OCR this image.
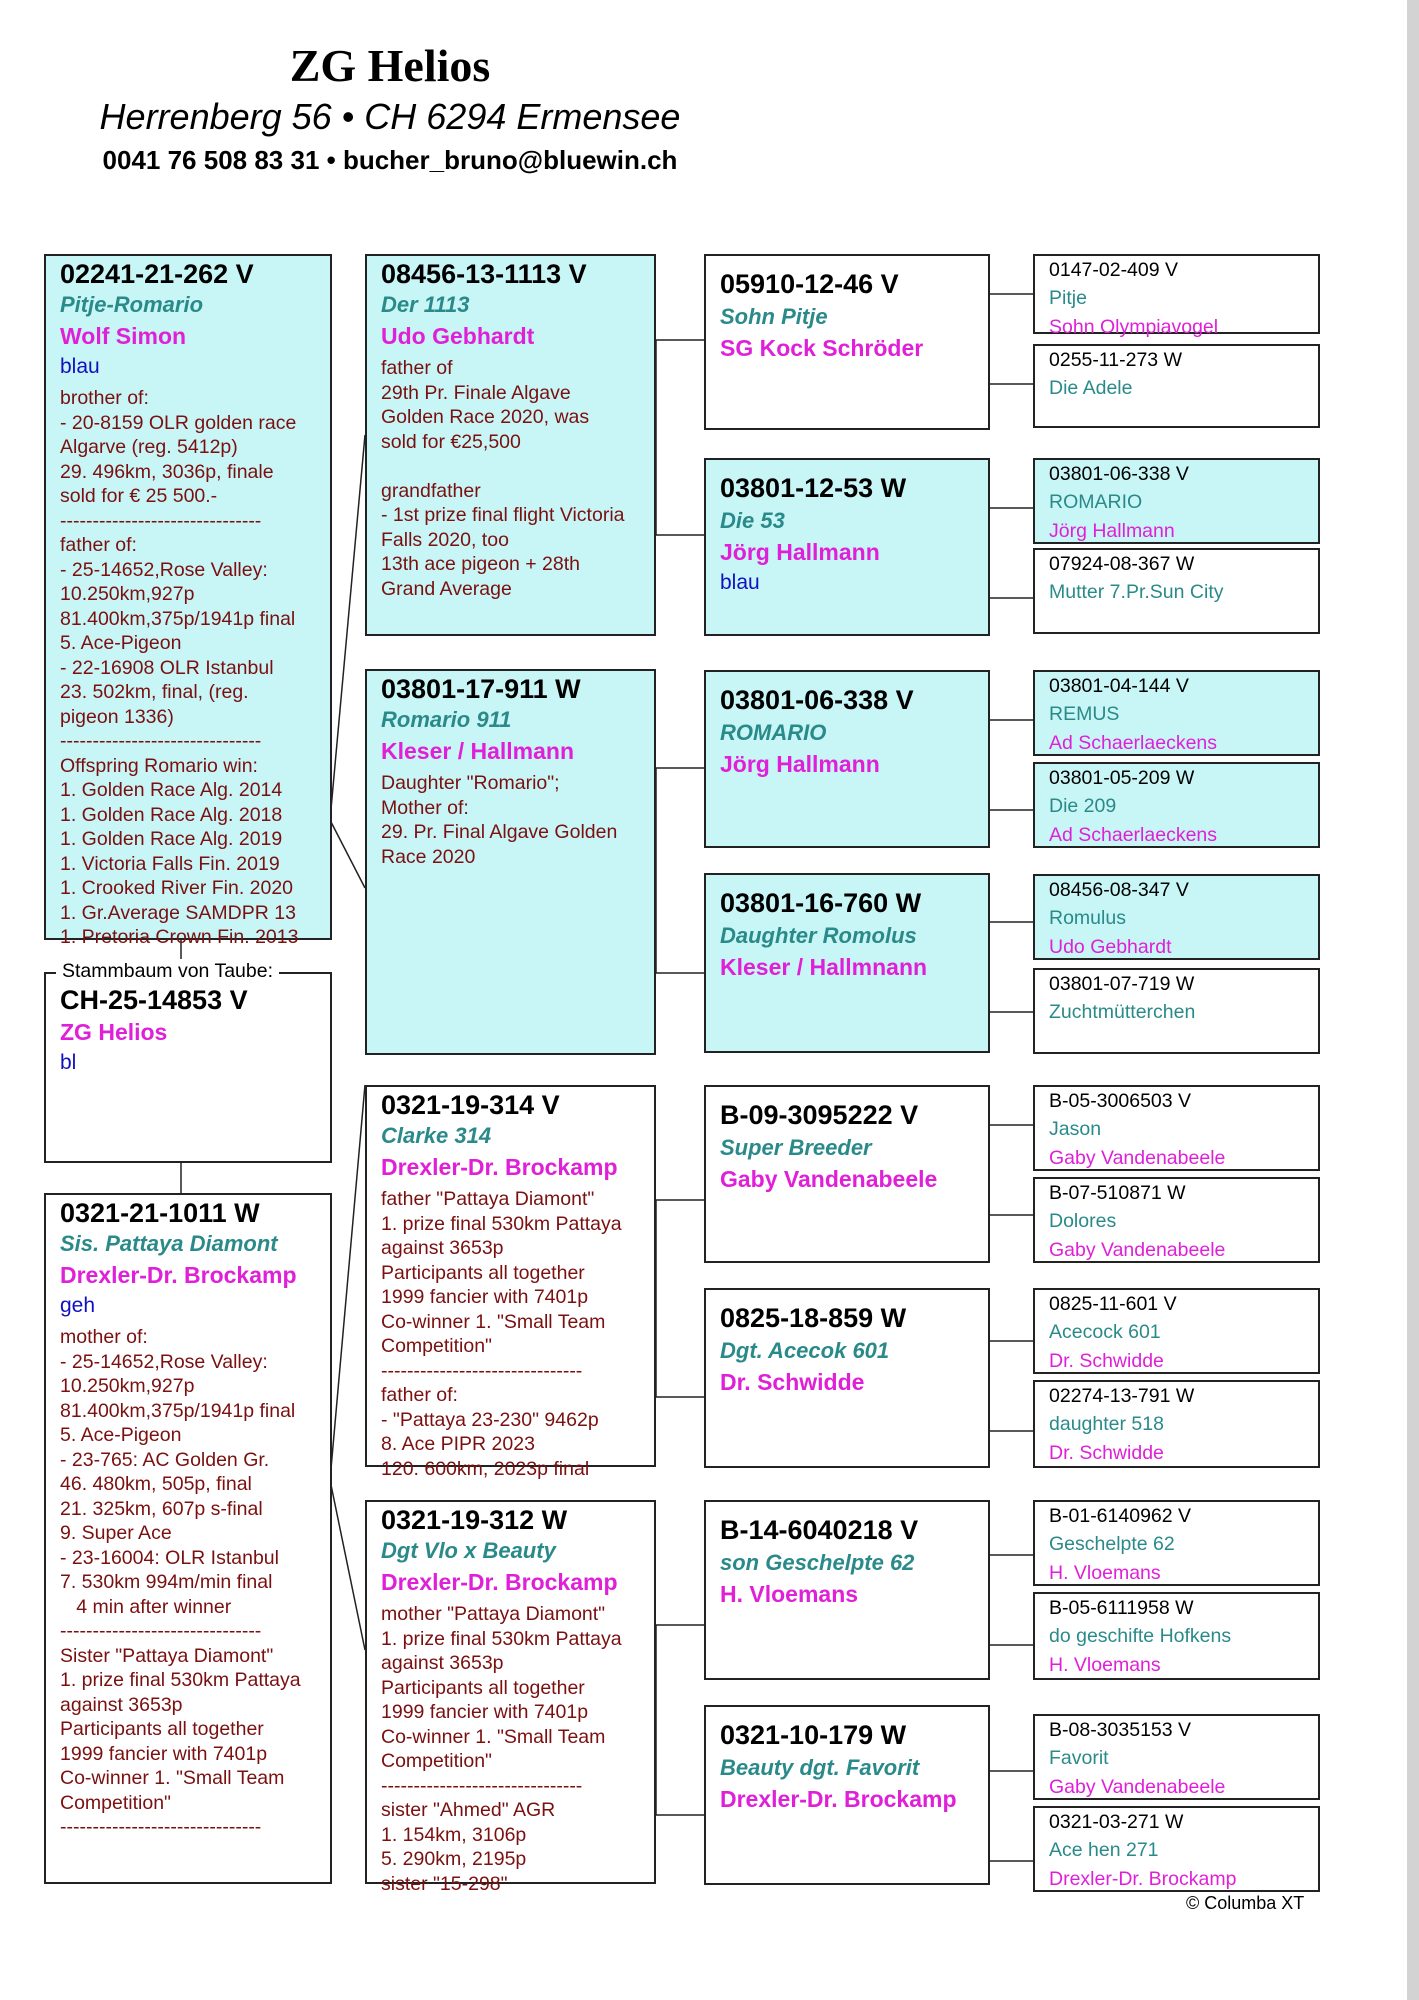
ZG Helios
Herrenberg 56 • CH 6294 Ermensee
0041 76 508 83 31 • bucher_bruno@bluewin.ch
02241-21-262 V
Pitje-Romario
Wolf Simon
blau
brother of:
- 20-8159 OLR golden race
Algarve (reg. 5412p)
29. 496km, 3036p, finale
sold for € 25 500.-
-------------------------------
father of:
- 25-14652,Rose Valley:
10.250km,927p
81.400km,375p/1941p final
5. Ace-Pigeon
- 22-16908 OLR Istanbul
23. 502km, final, (reg.
pigeon 1336)
-------------------------------
Offspring Romario win:
1. Golden Race Alg. 2014
1. Golden Race Alg. 2018
1. Golden Race Alg. 2019
1. Victoria Falls Fin. 2019
1. Crooked River Fin. 2020
1. Gr.Average SAMDPR 13
1. Pretoria Crown Fin. 2013
CH-25-14853 V
ZG Helios
bl
Stammbaum von Taube:
0321-21-1011 W
Sis. Pattaya Diamont
Drexler-Dr. Brockamp
geh
mother of:
- 25-14652,Rose Valley:
10.250km,927p
81.400km,375p/1941p final
5. Ace-Pigeon
- 23-765: AC Golden Gr.
46. 480km, 505p, final
21. 325km, 607p s-final
9. Super Ace
- 23-16004: OLR Istanbul
7. 530km 994m/min final
4 min after winner
-------------------------------
Sister "Pattaya Diamont"
1. prize final 530km Pattaya
against 3653p
Participants all together
1999 fancier with 7401p
Co-winner 1. "Small Team
Competition"
-------------------------------
08456-13-1113 V
Der 1113
Udo Gebhardt
father of
29th Pr. Finale Algave
Golden Race 2020, was
sold for €25,500

grandfather
- 1st prize final flight Victoria
Falls 2020, too
13th ace pigeon + 28th
Grand Average
03801-17-911 W
Romario 911
Kleser / Hallmann
Daughter "Romario";
Mother of:
29. Pr. Final Algave Golden
Race 2020
0321-19-314 V
Clarke 314
Drexler-Dr. Brockamp
father "Pattaya Diamont"
1. prize final 530km Pattaya
against 3653p
Participants all together
1999 fancier with 7401p
Co-winner 1. "Small Team
Competition"
-------------------------------
father of:
- "Pattaya 23-230" 9462p
8. Ace PIPR 2023
120. 600km, 2023p final
0321-19-312 W
Dgt Vlo x Beauty
Drexler-Dr. Brockamp
mother "Pattaya Diamont"
1. prize final 530km Pattaya
against 3653p
Participants all together
1999 fancier with 7401p
Co-winner 1. "Small Team
Competition"
-------------------------------
sister "Ahmed" AGR
1. 154km, 3106p
5. 290km, 2195p
sister "15-298"
05910-12-46 V
Sohn Pitje
SG Kock Schröder
03801-12-53 W
Die 53
Jörg Hallmann
blau
03801-06-338 V
ROMARIO
Jörg Hallmann
03801-16-760 W
Daughter Romolus
Kleser / Hallmnann
B-09-3095222 V
Super Breeder
Gaby Vandenabeele
0825-18-859 W
Dgt. Acecok 601
Dr. Schwidde
B-14-6040218 V
son Geschelpte 62
H. Vloemans
0321-10-179 W
Beauty dgt. Favorit
Drexler-Dr. Brockamp
0147-02-409 V
Pitje
Sohn Olympiavogel
0255-11-273 W
Die Adele
03801-06-338 V
ROMARIO
Jörg Hallmann
07924-08-367 W
Mutter 7.Pr.Sun City
03801-04-144 V
REMUS
Ad Schaerlaeckens
03801-05-209 W
Die 209
Ad Schaerlaeckens
08456-08-347 V
Romulus
Udo Gebhardt
03801-07-719 W
Zuchtmütterchen
B-05-3006503 V
Jason
Gaby Vandenabeele
B-07-510871 W
Dolores
Gaby Vandenabeele
0825-11-601 V
Acecock 601
Dr. Schwidde
02274-13-791 W
daughter 518
Dr. Schwidde
B-01-6140962 V
Geschelpte 62
H. Vloemans
B-05-6111958 W
do geschifte Hofkens
H. Vloemans
B-08-3035153 V
Favorit
Gaby Vandenabeele
0321-03-271 W
Ace hen 271
Drexler-Dr. Brockamp
© Columba XT
